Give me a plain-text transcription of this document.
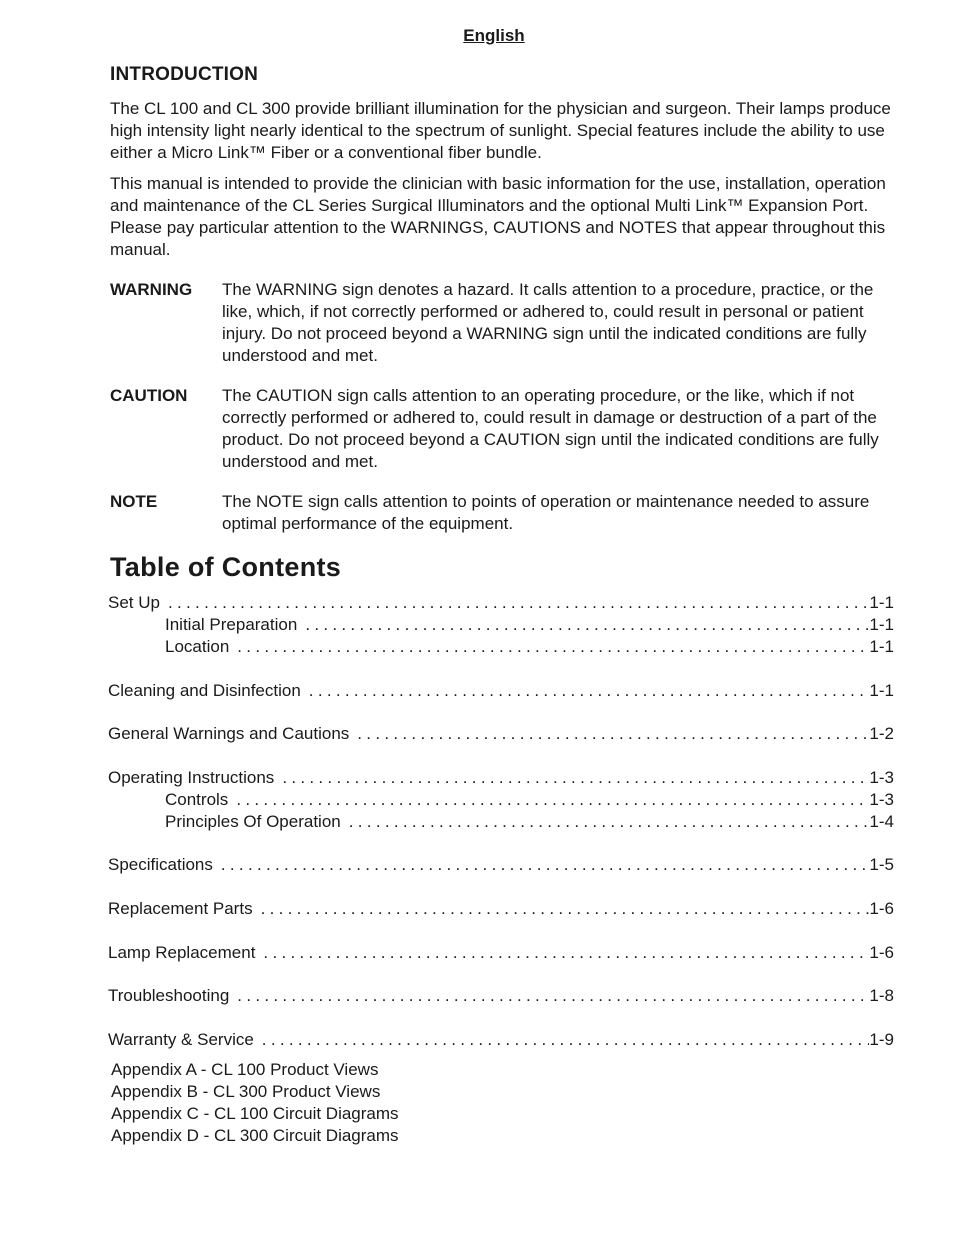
English
INTRODUCTION
The CL 100 and CL 300 provide brilliant illumination for the physician and surgeon. Their lamps produce high intensity light nearly identical to the spectrum of sunlight. Special features include the ability to use either a Micro Link™ Fiber or a conventional fiber bundle.
This manual is intended to provide the clinician with basic information for the use, installation, operation and maintenance of the CL Series Surgical Illuminators and the optional Multi Link™ Expansion Port. Please pay particular attention to the WARNINGS, CAUTIONS and NOTES that appear throughout this manual.
WARNING	The WARNING sign denotes a hazard. It calls attention to a procedure, practice, or the like, which, if not correctly performed or adhered to, could result in personal or patient injury. Do not proceed beyond a WARNING sign until the indicated conditions are fully understood and met.
CAUTION	The CAUTION sign calls attention to an operating procedure, or the like, which if not correctly performed or adhered to, could result in damage or destruction of a part of the product. Do not proceed beyond a CAUTION sign until the indicated conditions are fully understood and met.
NOTE	The NOTE sign calls attention to points of operation or maintenance needed to assure optimal performance of the equipment.
Table of Contents
Set Up .....	1-1
Initial Preparation .....	1-1
Location .....	1-1
Cleaning and Disinfection .....	1-1
General Warnings and Cautions .....	1-2
Operating Instructions .....	1-3
Controls .....	1-3
Principles Of Operation .....	1-4
Specifications .....	1-5
Replacement Parts .....	1-6
Lamp Replacement .....	1-6
Troubleshooting .....	1-8
Warranty & Service .....	1-9
Appendix A - CL 100 Product Views
Appendix B - CL 300 Product Views
Appendix C - CL 100 Circuit Diagrams
Appendix D - CL 300 Circuit Diagrams
